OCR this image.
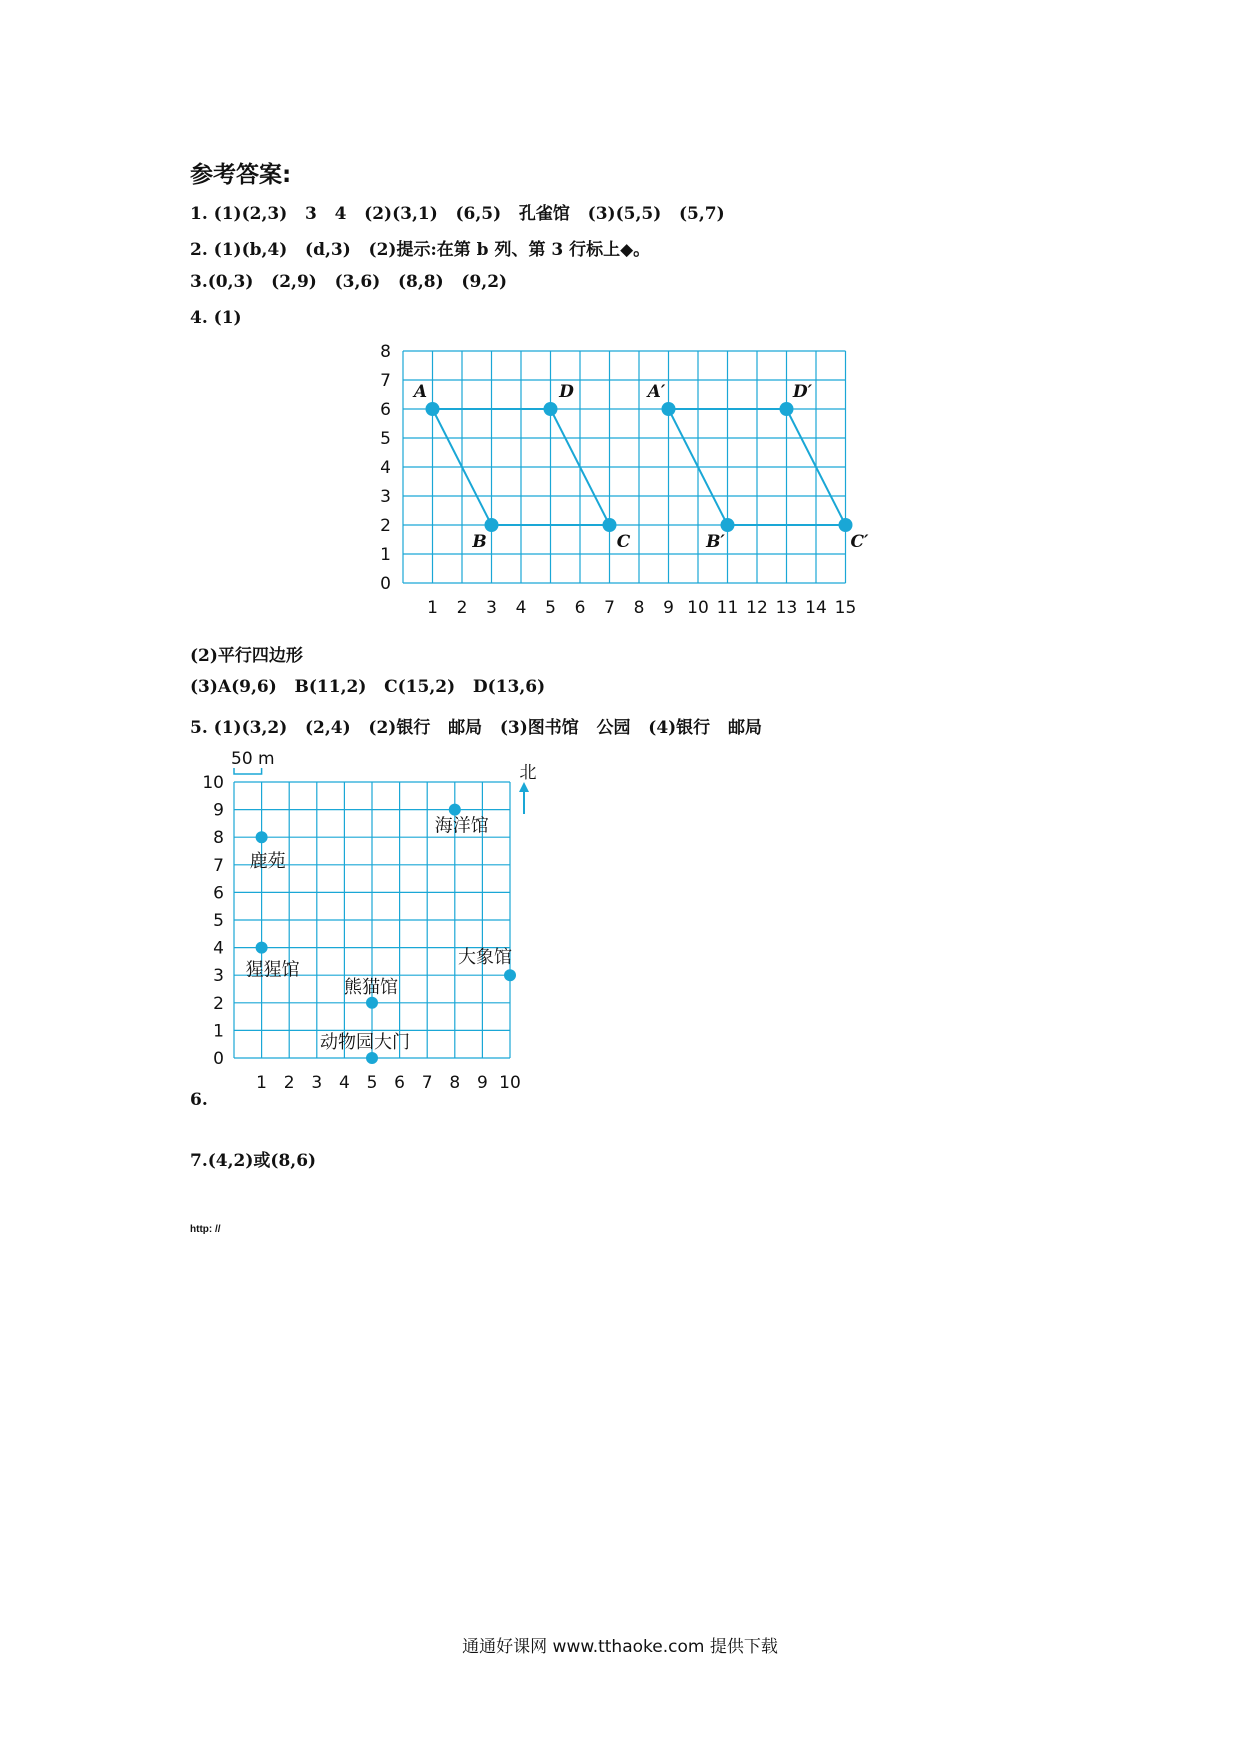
参考答案:
1. (1)(2,3)   3   4   (2)(3,1)   (6,5)   孔雀馆   (3)(5,5)   (5,7)
2. (1)(b,4)   (d,3)   (2)提示:在第 b 列、第 3 行标上◆。
3.(0,3)   (2,9)   (3,6)   (8,8)   (9,2)
4. (1)
1 2 3 4 5 6 7 8 9 10 11 12 13 14 15
0
1
2
3
4
5
6
7
8
A	D
B	C
A′	D′
B′	C′
(2)平行四边形
(3)A(9,6)   B(11,2)   C(15,2)   D(13,6)
5. (1)(3,2)   (2,4)   (2)银行   邮局   (3)图书馆   公园   (4)银行   邮局
1 2 3 4 5 6 7 8 9 10
0
1
2
3
4
5
6
7
8
9
10
50 m
北
鹿苑
海洋馆
猩猩馆
大象馆
熊猫馆
动物园大门
6.
7.(4,2)或(8,6)
http: //
通通好课网 www.tthaoke.com 提供下载
